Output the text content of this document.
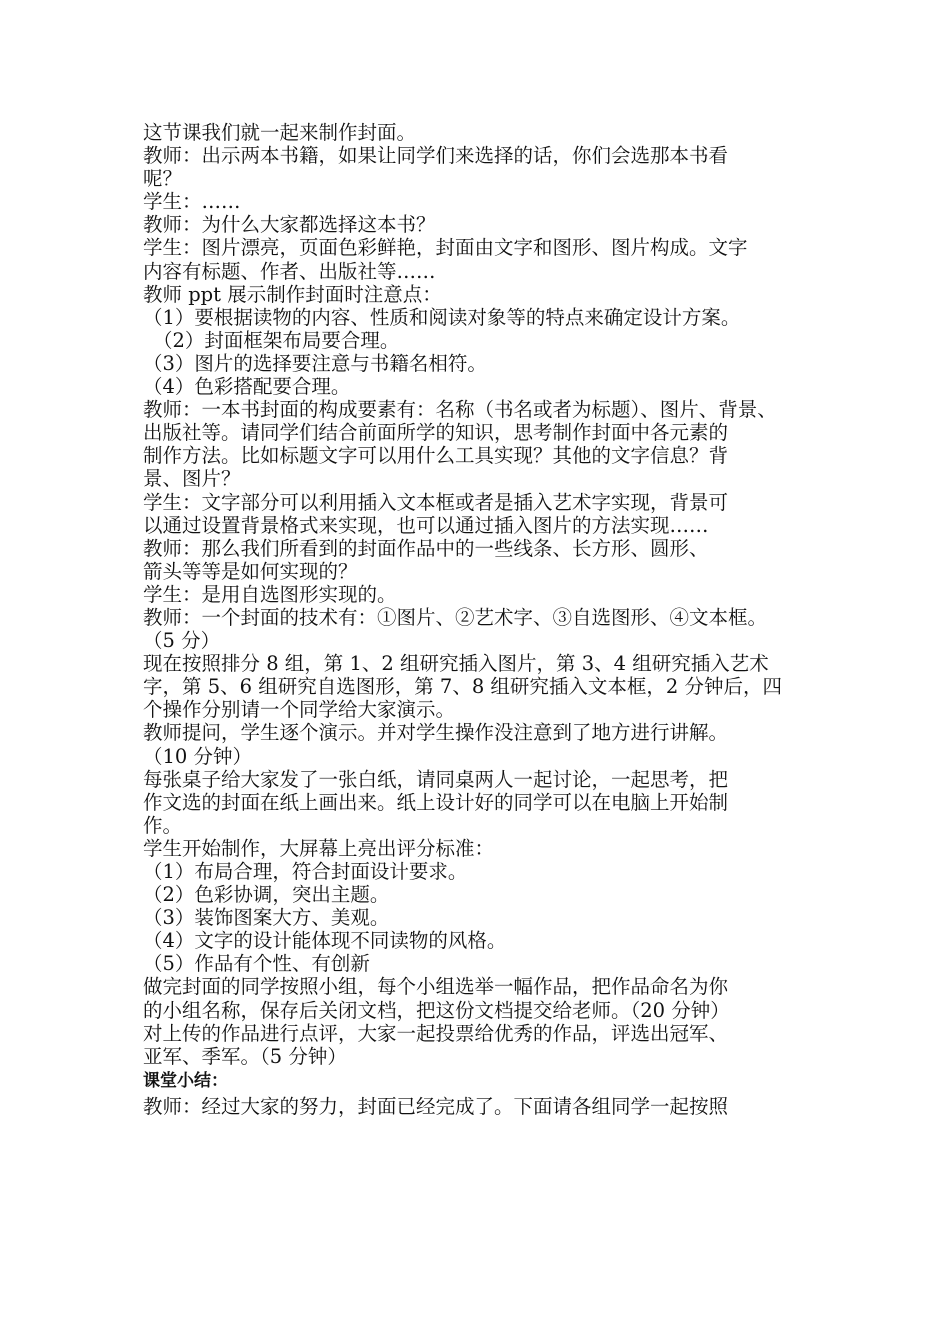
这节课我们就一起来制作封面。
教师：出示两本书籍，如果让同学们来选择的话，你们会选那本书看
呢？
学生：……
教师：为什么大家都选择这本书？
学生：图片漂亮，页面色彩鲜艳，封面由文字和图形、图片构成。文字
内容有标题、作者、出版社等……
教师 ppt 展示制作封面时注意点：
（1）要根据读物的内容、性质和阅读对象等的特点来确定设计方案。
（2）封面框架布局要合理。
（3）图片的选择要注意与书籍名相符。
（4）色彩搭配要合理。
教师：一本书封面的构成要素有：名称（书名或者为标题）、图片、背景、
出版社等。请同学们结合前面所学的知识，思考制作封面中各元素的
制作方法。比如标题文字可以用什么工具实现？其他的文字信息？背
景、图片？
学生：文字部分可以利用插入文本框或者是插入艺术字实现，背景可
以通过设置背景格式来实现，也可以通过插入图片的方法实现……
教师：那么我们所看到的封面作品中的一些线条、长方形、圆形、
箭头等等是如何实现的？
学生：是用自选图形实现的。
教师：一个封面的技术有：①图片、②艺术字、③自选图形、④文本框。
（5 分）
现在按照排分 8 组，第 1、2 组研究插入图片，第 3、4 组研究插入艺术
字，第 5、6 组研究自选图形，第 7、8 组研究插入文本框，2 分钟后，四
个操作分别请一个同学给大家演示。
教师提问，学生逐个演示。并对学生操作没注意到了地方进行讲解。
（10 分钟）
每张桌子给大家发了一张白纸，请同桌两人一起讨论，一起思考，把
作文选的封面在纸上画出来。纸上设计好的同学可以在电脑上开始制
作。
学生开始制作，大屏幕上亮出评分标准：
（1）布局合理，符合封面设计要求。
（2）色彩协调，突出主题。
（3）装饰图案大方、美观。
（4）文字的设计能体现不同读物的风格。
（5）作品有个性、有创新
做完封面的同学按照小组，每个小组选举一幅作品，把作品命名为你
的小组名称，保存后关闭文档，把这份文档提交给老师。（20 分钟）
对上传的作品进行点评，大家一起投票给优秀的作品，评选出冠军、
亚军、季军。（5 分钟）
课堂小结：
教师：经过大家的努力，封面已经完成了。下面请各组同学一起按照
